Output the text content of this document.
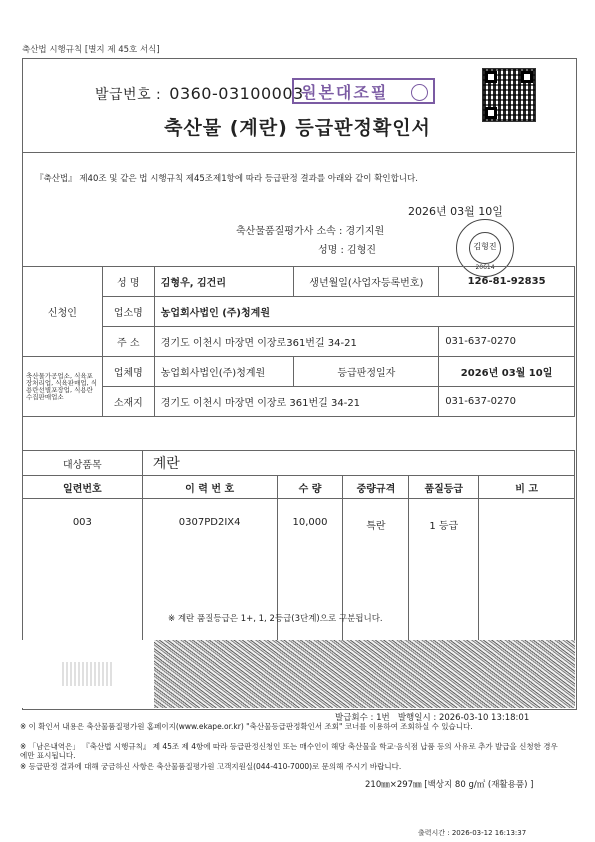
축산법 시행규칙 [별지 제 45호 서식]
발급번호 : 0360-03100003
원본대조필
축산물 (계란) 등급판정확인서
『축산법』 제40조 및 같은 법 시행규칙 제45조제1항에 따라 등급판정 결과를 아래와 같이 확인합니다.
2026년 03월 10일
축산물품질평가사 소속 : 경기지원
성명 : 김형진	김형진
20614
신청인	성 명	김형우, 김건리	생년월일(사업자등록번호)	126-81-92835
	업소명	농업회사법인 (주)청계원		
	주 소	경기도 이천시 마장면 이장로361번길 34-21		031-637-0270
축산물가공업소, 식육포장처리업, 식육판매업, 식용란선별포장업, 식용란수집판매업소	업체명	농업회사법인(주)청계원	등급판정일자	2026년 03월 10일
	소재지	경기도 이천시 마장면 이장로 361번길 34-21		031-637-0270
대상품목	계란				
일련번호	이 력 번 호	수 량	중량규격	품질등급	비 고
003	0307PD2IX4	10,000	특란	1 등급	
※ 계란 품질등급은 1+, 1, 2등급(3단계)으로 구분됩니다.
발급회수 : 1번 발행일시 : 2026-03-10 13:18:01
※ 이 확인서 내용은 축산물품질평가원 홈페이지(www.ekape.or.kr) "축산물등급판정확인서 조회" 코너를 이용하여 조회하실 수 있습니다.
※ 「남은내역은」 『축산법 시행규칙』 제 45조 제 4항에 따라 등급판정신청인 또는 매수인이 해당 축산물을 학교·음식점 납품 등의 사유로 추가 발급을 신청한 경우에만 표시됩니다.
※ 등급판정 결과에 대해 궁금하신 사항은 축산물품질평가원 고객지원실(044-410-7000)로 문의해 주시기 바랍니다.
210㎜×297㎜ [백상지 80 g/㎡ (재활용품) ]
출력시간 : 2026-03-12 16:13:37
